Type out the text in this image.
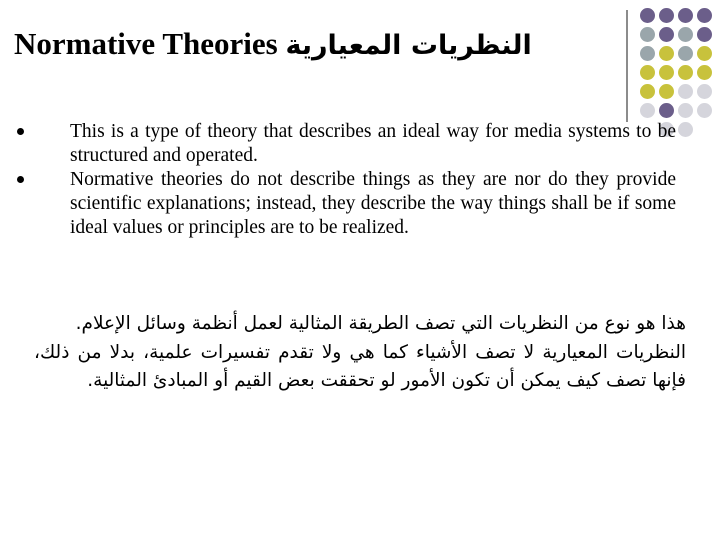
Normative Theories النظريات المعيارية
This is a type of theory that describes an ideal way for media systems to be structured and operated.
Normative theories do not describe things as they are nor do they provide scientific explanations; instead, they describe the way things shall be if some ideal values or principles are to be realized.

هذا هو نوع من النظريات التي تصف الطريقة المثالية لعمل أنظمة وسائل الإعلام.

النظريات المعيارية لا تصف الأشياء كما هي ولا تقدم تفسيرات علمية، بدلا من ذلك، فإنها تصف كيف يمكن أن تكون الأمور لو تحققت بعض القيم أو المبادئ المثالية.
